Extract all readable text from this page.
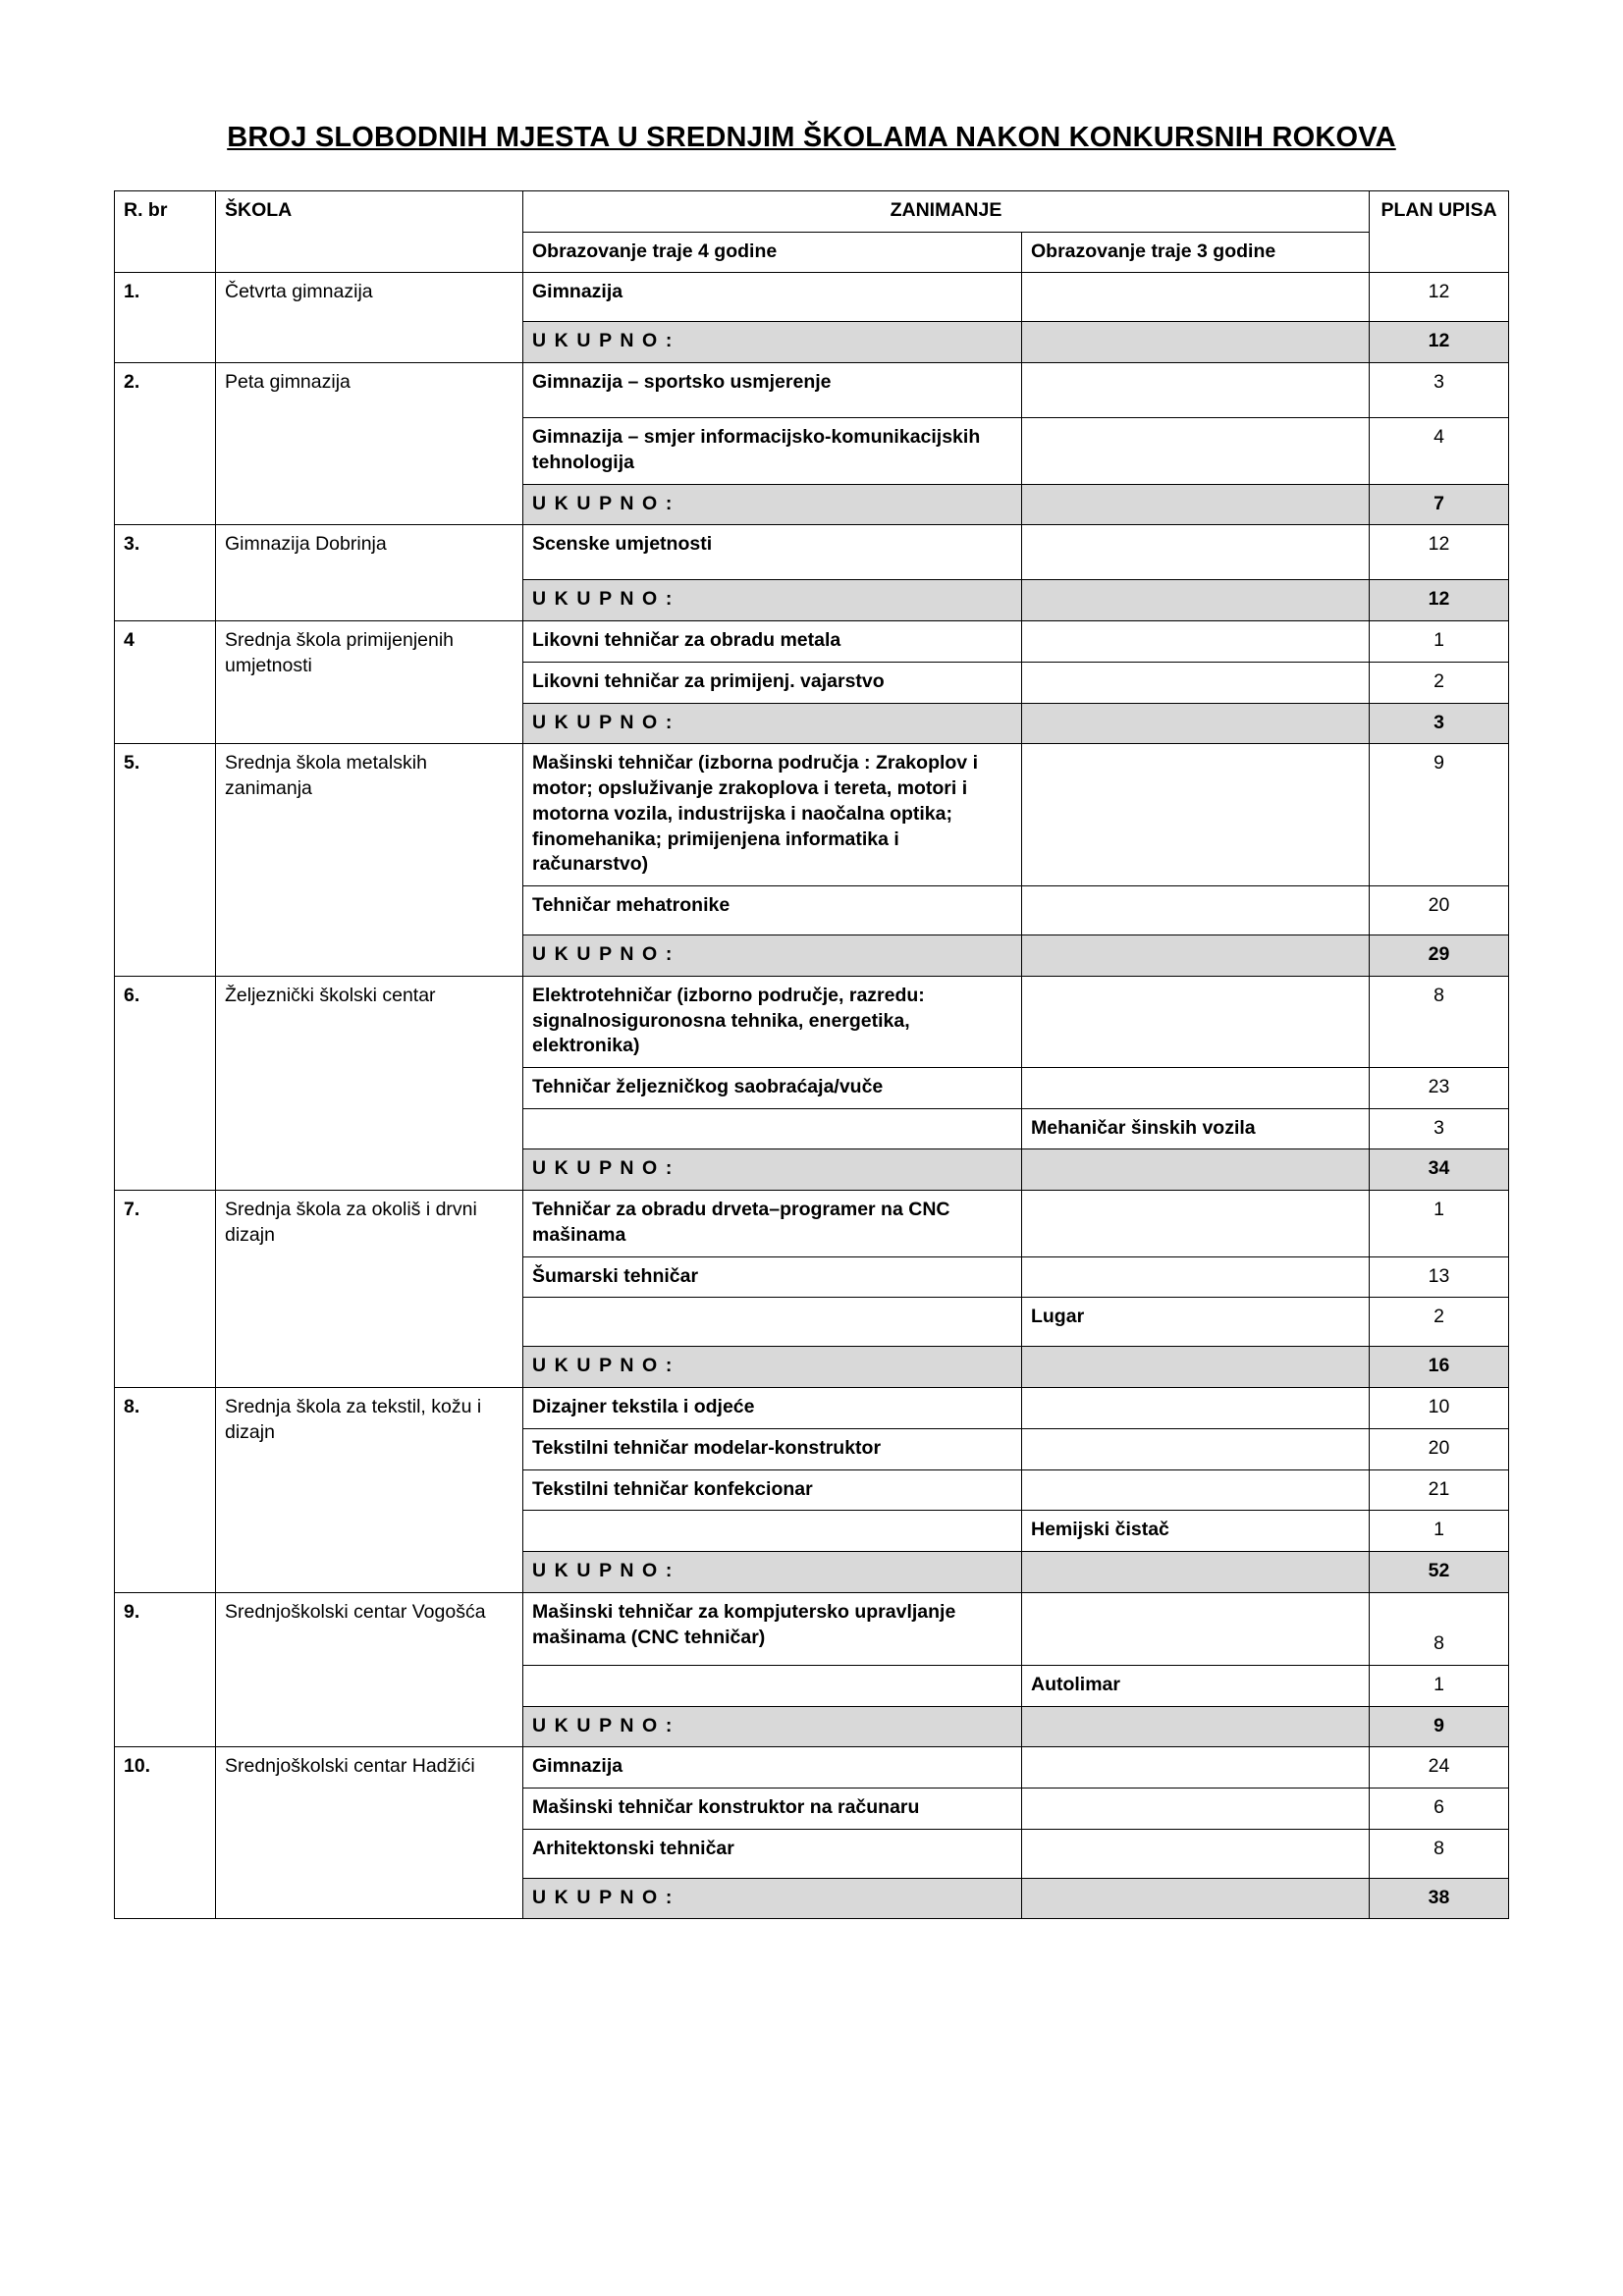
BROJ SLOBODNIH MJESTA U SREDNJIM ŠKOLAMA NAKON KONKURSNIH ROKOVA
R. br	ŠKOLA	ZANIMANJE		PLAN UPISA
		Obrazovanje traje 4 godine	Obrazovanje traje 3 godine	
1.	Četvrta gimnazija	Gimnazija		12
		U K U P N O :		12
2.	Peta gimnazija	Gimnazija – sportsko usmjerenje		3
		Gimnazija – smjer informacijsko-komunikacijskih tehnologija		4
		U K U P N O :		7
3.	Gimnazija Dobrinja	Scenske umjetnosti		12
		U K U P N O :		12
4	Srednja škola primijenjenih umjetnosti	Likovni tehničar za obradu metala		1
		Likovni tehničar za primijenj. vajarstvo		2
		U K U P N O :		3
5.	Srednja škola metalskih zanimanja	Mašinski tehničar (izborna područja : Zrakoplov i motor; opsluživanje zrakoplova i tereta, motori i motorna vozila, industrijska i naočalna optika; finomehanika; primijenjena informatika i računarstvo)		9
		Tehničar mehatronike		20
		U K U P N O :		29
6.	Željeznički školski centar	Elektrotehničar (izborno područje, razredu: signalnosiguronosna tehnika, energetika, elektronika)		8
		Tehničar željezničkog saobraćaja/vuče		23
			Mehaničar šinskih vozila	3
		U K U P N O :		34
7.	Srednja škola za okoliš i drvni dizajn	Tehničar za obradu drveta–programer na CNC mašinama		1
		Šumarski tehničar		13
			Lugar	2
		U K U P N O :		16
8.	Srednja škola za tekstil, kožu i dizajn	Dizajner tekstila i odjeće		10
		Tekstilni tehničar modelar-konstruktor		20
		Tekstilni tehničar konfekcionar		21
			Hemijski čistač	1
		U K U P N O :		52
9.	Srednjoškolski centar Vogošća	Mašinski tehničar za kompjutersko upravljanje mašinama (CNC tehničar)		8
			Autolimar	1
		U K U P N O :		9
10.	Srednjoškolski centar Hadžići	Gimnazija		24
		Mašinski tehničar konstruktor na računaru		6
		Arhitektonski tehničar		8
		U K U P N O :		38
